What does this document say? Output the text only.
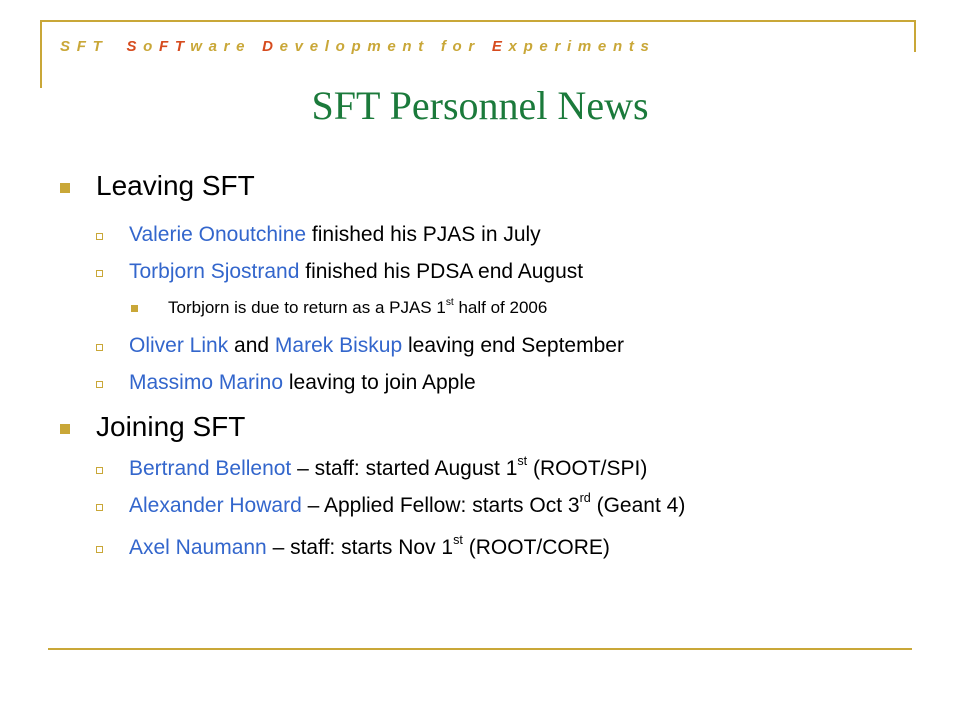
SFT SoFTware Development for Experiments
SFT Personnel News
Leaving SFT
Valerie Onoutchine finished his PJAS in July
Torbjorn Sjostrand finished his PDSA end August
Torbjorn is due to return as a PJAS 1st half of 2006
Oliver Link and Marek Biskup leaving end September
Massimo Marino leaving to join Apple
Joining SFT
Bertrand Bellenot – staff: started August 1st (ROOT/SPI)
Alexander Howard – Applied Fellow: starts Oct 3rd (Geant 4)
Axel Naumann – staff: starts Nov 1st (ROOT/CORE)
